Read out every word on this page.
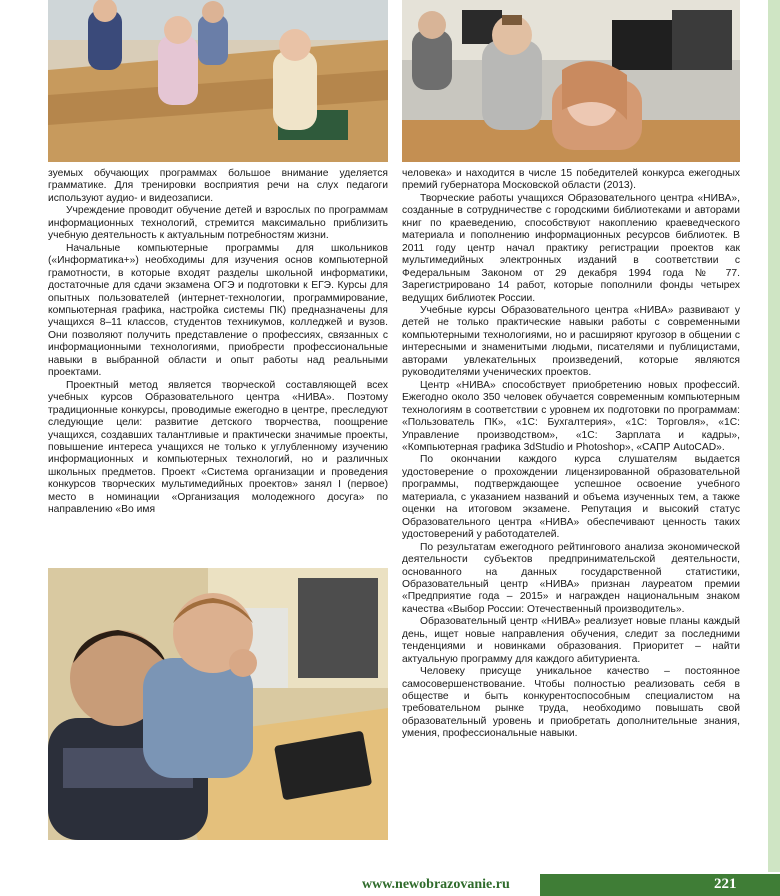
зуемых обучающих программах большое внимание уделяется грамматике. Для тренировки восприятия речи на слух педагоги используют аудио- и видеозаписи.

Учреждение проводит обучение детей и взрослых по программам информационных технологий, стремится максимально приблизить учебную деятельность к актуальным потребностям жизни.

Начальные компьютерные программы для школьников («Информатика+») необходимы для изучения основ компьютерной грамотности, в которые входят разделы школьной информатики, достаточные для сдачи экзамена ОГЭ и подготовки к ЕГЭ. Курсы для опытных пользователей (интернет-технологии, программирование, компьютерная графика, настройка системы ПК) предназначены для учащихся 8–11 классов, студентов техникумов, колледжей и вузов. Они позволяют получить представление о профессиях, связанных с информационными технологиями, приобрести профессиональные навыки в выбранной области и опыт работы над реальными проектами.

Проектный метод является творческой составляющей всех учебных курсов Образовательного центра «НИВА». Поэтому традиционные конкурсы, проводимые ежегодно в центре, преследуют следующие цели: развитие детского творчества, поощрение учащихся, создавших талантливые и практически значимые проекты, повышение интереса учащихся не только к углубленному изучению информационных и компьютерных технологий, но и различных школьных предметов. Проект «Система организации и проведения конкурсов творческих мультимедийных проектов» занял I (первое) место в номинации «Организация молодежного досуга» по направлению «Во имя

человека» и находится в числе 15 победителей конкурса ежегодных премий губернатора Московской области (2013).

Творческие работы учащихся Образовательного центра «НИВА», созданные в сотрудничестве с городскими библиотеками и авторами книг по краеведению, способствуют накоплению краеведческого материала и пополнению информационных ресурсов библиотек. В 2011 году центр начал практику регистрации проектов как мультимедийных электронных изданий в соответствии с Федеральным Законом от 29 декабря 1994 года № 77. Зарегистрировано 14 работ, которые пополнили фонды четырех ведущих библиотек России.

Учебные курсы Образовательного центра «НИВА» развивают у детей не только практические навыки работы с современными компьютерными технологиями, но и расширяют кругозор в общении с интересными и знаменитыми людьми, писателями и публицистами, авторами увлекательных произведений, которые являются руководителями ученических проектов.

Центр «НИВА» способствует приобретению новых профессий. Ежегодно около 350 человек обучается современным компьютерным технологиям в соответствии с уровнем их подготовки по программам: «Пользователь ПК», «1С: Бухгалтерия», «1С: Торговля», «1С: Управление производством», «1С: Зарплата и кадры», «Компьютерная графика 3dStudio и Photoshop», «САПР AutoCAD».

По окончании каждого курса слушателям выдается удостоверение о прохождении лицензированной образовательной программы, подтверждающее успешное освоение учебного материала, с указанием названий и объема изученных тем, а также оценки на итоговом экзамене. Репутация и высокий статус Образовательного центра «НИВА» обеспечивают ценность таких удостоверений у работодателей.

По результатам ежегодного рейтингового анализа экономической деятельности субъектов предпринимательской деятельности, основанного на данных государственной статистики, Образовательный центр «НИВА» признан лауреатом премии «Предприятие года – 2015» и награжден национальным знаком качества «Выбор России: Отечественный производитель».

Образовательный центр «НИВА» реализует новые планы каждый день, ищет новые направления обучения, следит за последними тенденциями и новинками образования. Приоритет – найти актуальную программу для каждого абитуриента.

Человеку присуще уникальное качество – постоянное самосовершенствование. Чтобы полностью реализовать себя в обществе и быть конкурентоспособным специалистом на требовательном рынке труда, необходимо повышать свой образовательный уровень и приобретать дополнительные знания, умения, профессиональные навыки.

www.newobrazovanie.ru	221
